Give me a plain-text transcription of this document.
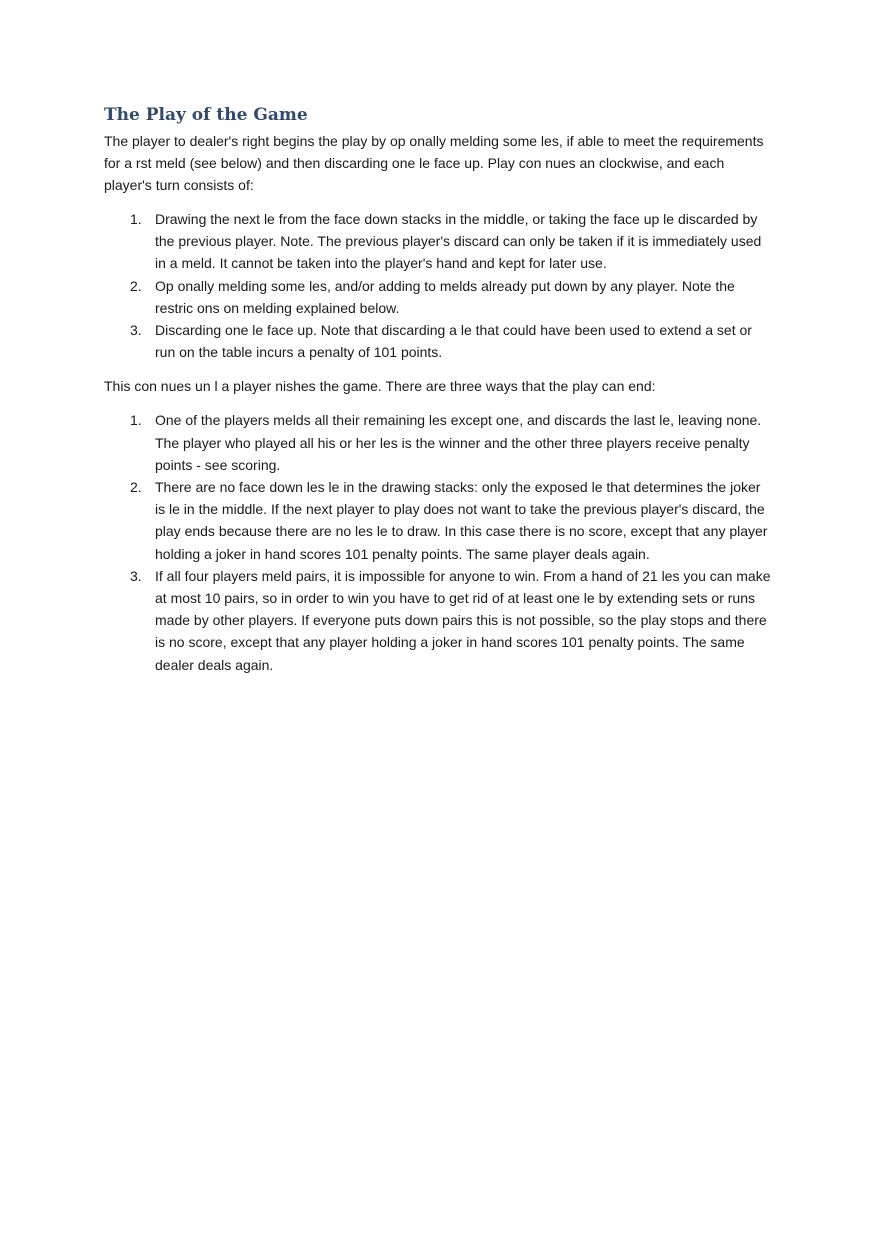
The Play of the Game

The player to dealer's right begins the play by op onally melding some les, if able to meet the requirements for a rst meld (see below) and then discarding one le face up. Play con nues an clockwise, and each player's turn consists of:

1. Drawing the next le from the face down stacks in the middle, or taking the face up le discarded by the previous player. Note. The previous player's discard can only be taken if it is immediately used in a meld. It cannot be taken into the player's hand and kept for later use.
2. Op onally melding some les, and/or adding to melds already put down by any player. Note the restric ons on melding explained below.
3. Discarding one le face up. Note that discarding a le that could have been used to extend a set or run on the table incurs a penalty of 101 points.

This con nues un l a player nishes the game. There are three ways that the play can end:

1. One of the players melds all their remaining les except one, and discards the last le, leaving none. The player who played all his or her les is the winner and the other three players receive penalty points - see scoring.
2. There are no face down les le in the drawing stacks: only the exposed le that determines the joker is le in the middle. If the next player to play does not want to take the previous player's discard, the play ends because there are no les le to draw. In this case there is no score, except that any player holding a joker in hand scores 101 penalty points. The same player deals again.
3. If all four players meld pairs, it is impossible for anyone to win. From a hand of 21 les you can make at most 10 pairs, so in order to win you have to get rid of at least one le by extending sets or runs made by other players. If everyone puts down pairs this is not possible, so the play stops and there is no score, except that any player holding a joker in hand scores 101 penalty points. The same dealer deals again.
